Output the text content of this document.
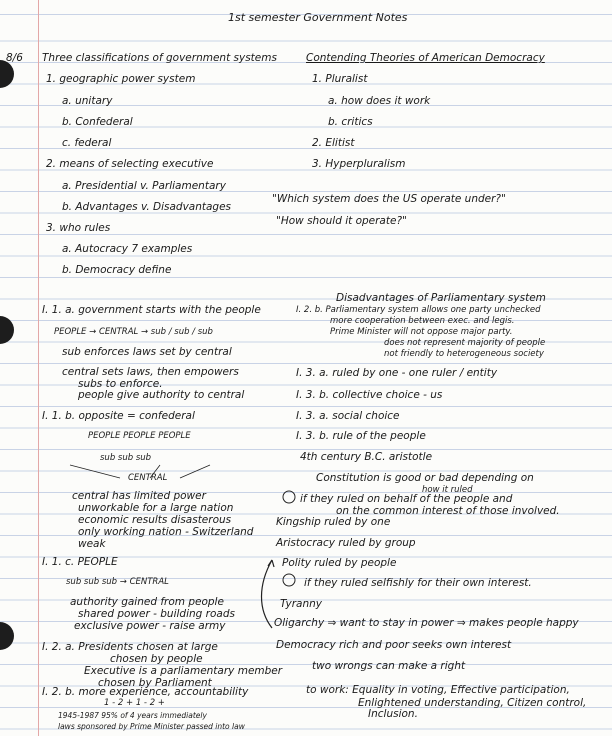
1st semester Government Notes
8/6 Three classifications of government systems
1. geographic power system
a. unitary
b. Confederal
c. federal
2. means of selecting executive
a. Presidential v. Parliamentary
b. Advantages v. Disadvantages
3. who rules
a. Autocracy 7 examples
b. Democracy define
I. 1. a. government starts with the people
PEOPLE → CENTRAL → sub / sub / sub
sub enforces laws set by central
central sets laws, then empowers
subs to enforce.
people give authority to central
I. 1. b. opposite = confederal
PEOPLE PEOPLE PEOPLE
sub sub sub
CENTRAL
central has limited power
unworkable for a large nation
economic results disasterous
only working nation - Switzerland
weak
I. 1. c. PEOPLE
sub sub sub → CENTRAL
authority gained from people
shared power - building roads
exclusive power - raise army
I. 2. a. Presidents chosen at large
chosen by people
Executive is a parliamentary member
chosen by Parliament
I. 2. b. more experience, accountability
1 - 2 + 1 - 2 +
1945-1987 95% of 4 years immediately
laws sponsored by Prime Minister passed into law
Contending Theories of American Democracy
1. Pluralist
a. how does it work
b. critics
2. Elitist
3. Hyperpluralism
"Which system does the US operate under?"
"How should it operate?"
Disadvantages of Parliamentary system
I. 2. b. Parliamentary system allows one party unchecked
more cooperation between exec. and legis.
Prime Minister will not oppose major party.
does not represent majority of people
not friendly to heterogeneous society
I. 3. a. ruled by one - one ruler / entity
I. 3. b. collective choice - us
I. 3. a. social choice
I. 3. b. rule of the people
4th century B.C. aristotle
Constitution is good or bad depending on
how it ruled
if they ruled on behalf of the people and
on the common interest of those involved.
Kingship ruled by one
Aristocracy ruled by group
Polity ruled by people
if they ruled selfishly for their own interest.
Tyranny
Oligarchy ⇒ want to stay in power ⇒ makes people happy
Democracy rich and poor seeks own interest
two wrongs can make a right
to work: Equality in voting, Effective participation,
Enlightened understanding, Citizen control,
Inclusion.
